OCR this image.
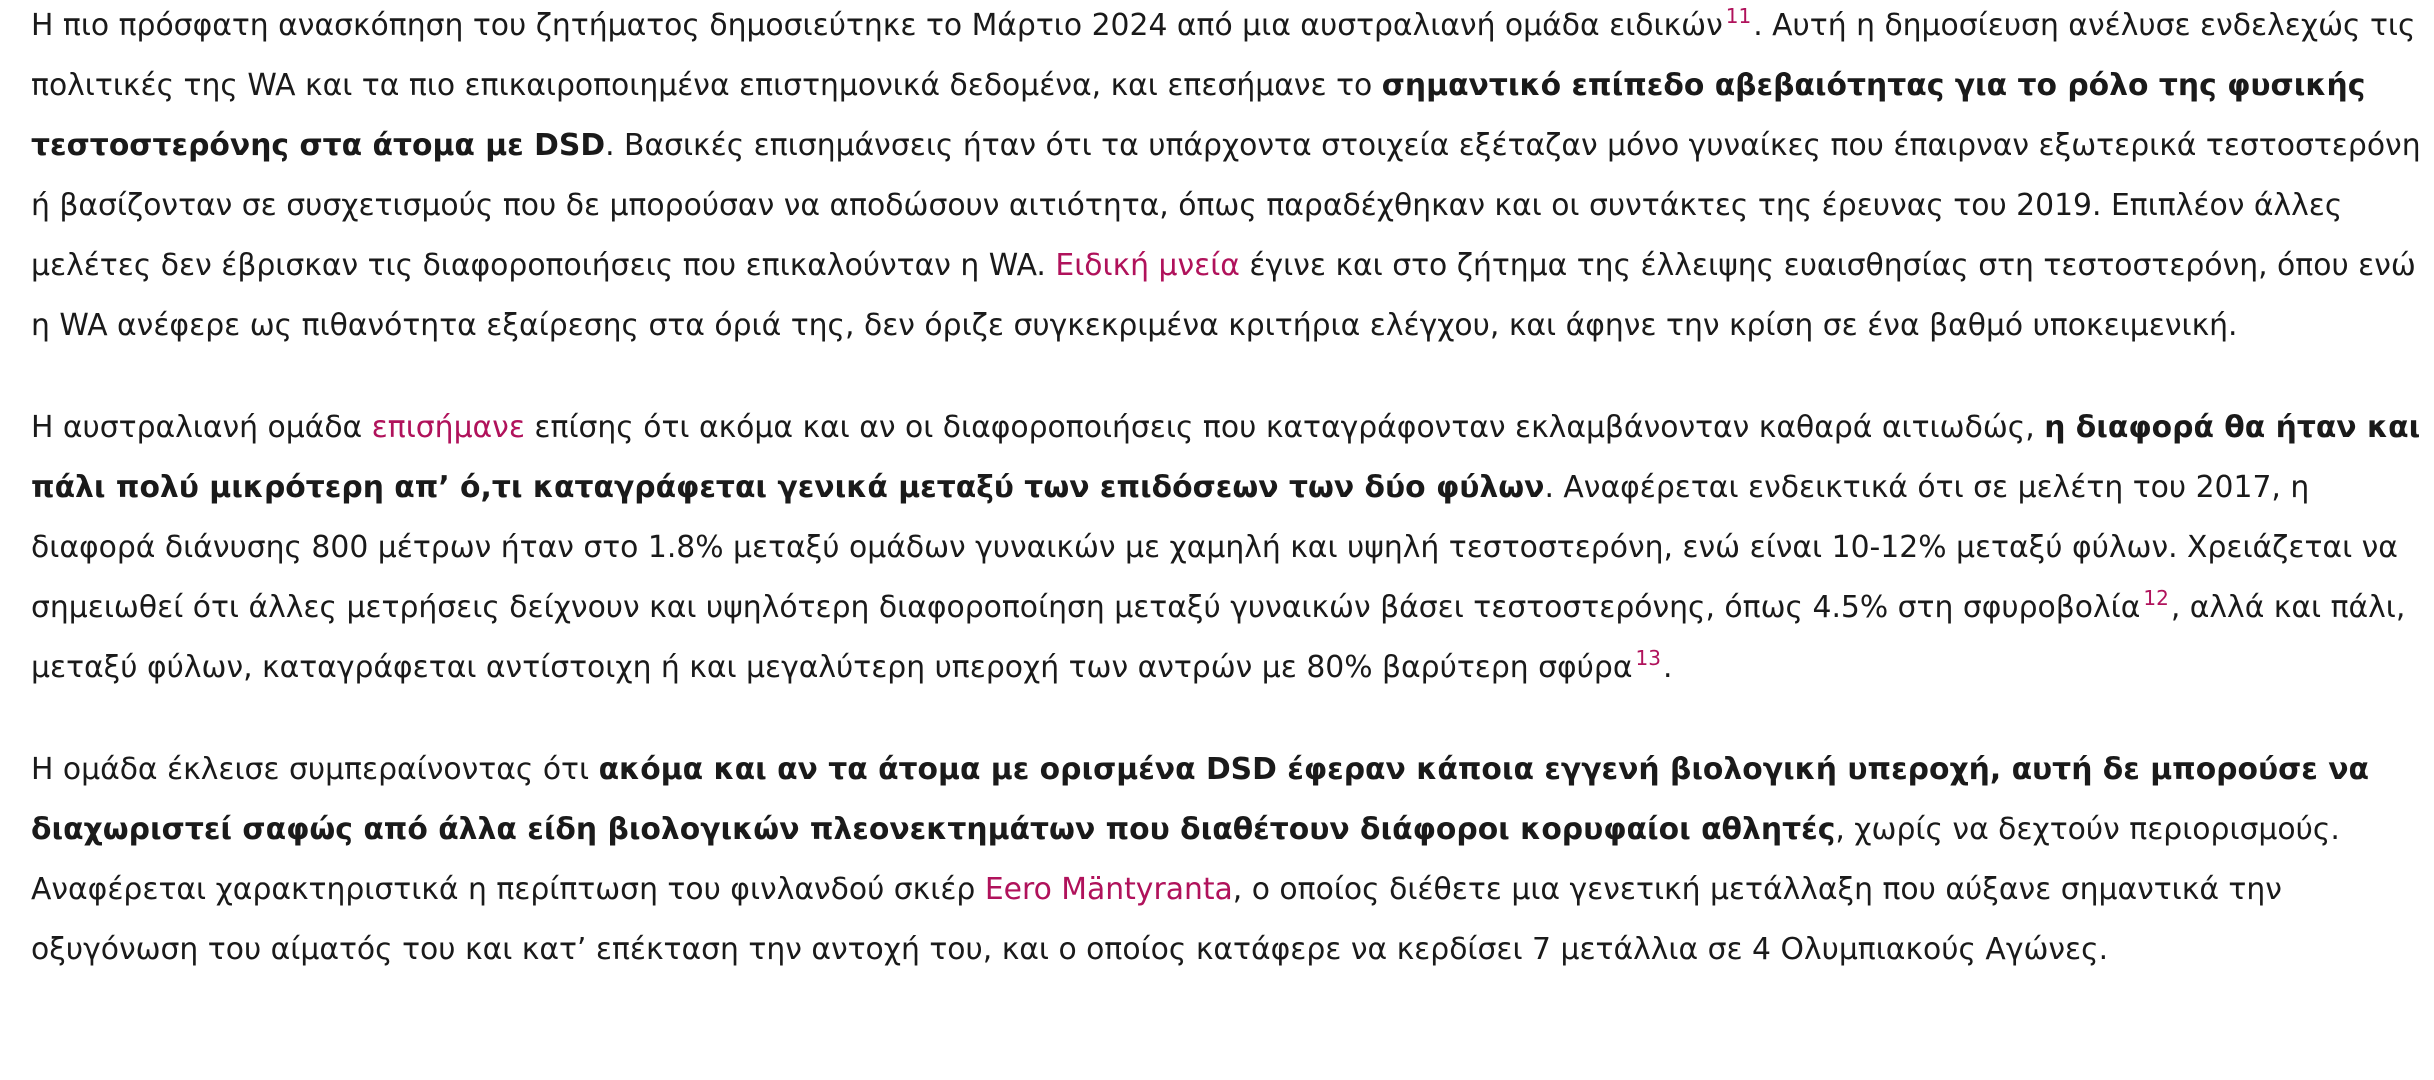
Η πιο πρόσφατη ανασκόπηση του ζητήματος δημοσιεύτηκε το Μάρτιο 2024 από μια αυστραλιανή ομάδα ειδικών $^{11}$. Αυτή η δημοσίευση ανέλυσε ενδελεχώς τις πολιτικές της WA και τα πιο επικαιροποιημένα επιστημονικά δεδομένα, και επεσήμανε το σημαντικό επίπεδο αβεβαιότητας για το ρόλο της φυσικής τεστοστερόνης στα άτομα με DSD. Βασικές επισημάνσεις ήταν ότι τα υπάρχοντα στοιχεία εξέταζαν μόνο γυναίκες που έπαιρναν εξωτερικά τεστοστερόνη ή βασίζονταν σε συσχετισμούς που δε μπορούσαν να αποδώσουν αιτιότητα, όπως παραδέχθηκαν και οι συντάκτες της έρευνας του 2019. Επιπλέον άλλες μελέτες δεν έβρισκαν τις διαφοροποιήσεις που επικαλούνταν η WA. Ειδική μνεία έγινε και στο ζήτημα της έλλειψης ευαισθησίας στη τεστοστερόνη, όπου ενώ η WA ανέφερε ως πιθανότητα εξαίρεσης στα όριά της, δεν όριζε συγκεκριμένα κριτήρια ελέγχου, και άφηνε την κρίση σε ένα βαθμό υποκειμενική.

Η αυστραλιανή ομάδα επισήμανε επίσης ότι ακόμα και αν οι διαφοροποιήσεις που καταγράφονταν εκλαμβάνονταν καθαρά αιτιωδώς, η διαφορά θα ήταν και πάλι πολύ μικρότερη απ’ ό,τι καταγράφεται γενικά μεταξύ των επιδόσεων των δύο φύλων. Αναφέρεται ενδεικτικά ότι σε μελέτη του 2017, η διαφορά διάνυσης 800 μέτρων ήταν στο 1.8% μεταξύ ομάδων γυναικών με χαμηλή και υψηλή τεστοστερόνη, ενώ είναι 10-12% μεταξύ φύλων. Χρειάζεται να σημειωθεί ότι άλλες μετρήσεις δείχνουν και υψηλότερη διαφοροποίηση μεταξύ γυναικών βάσει τεστοστερόνης, όπως 4.5% στη σφυροβολία $^{12}$, αλλά και πάλι, μεταξύ φύλων, καταγράφεται αντίστοιχη ή και μεγαλύτερη υπεροχή των αντρών με 80% βαρύτερη σφύρα $^{13}$.

Η ομάδα έκλεισε συμπεραίνοντας ότι ακόμα και αν τα άτομα με ορισμένα DSD έφεραν κάποια εγγενή βιολογική υπεροχή, αυτή δε μπορούσε να διαχωριστεί σαφώς από άλλα είδη βιολογικών πλεονεκτημάτων που διαθέτουν διάφοροι κορυφαίοι αθλητές, χωρίς να δεχτούν περιορισμούς. Αναφέρεται χαρακτηριστικά η περίπτωση του φινλανδού σκιέρ Eero Mäntyranta, ο οποίος διέθετε μια γενετική μετάλλαξη που αύξανε σημαντικά την οξυγόνωση του αίματός του και κατ’ επέκταση την αντοχή του, και ο οποίος κατάφερε να κερδίσει 7 μετάλλια σε 4 Ολυμπιακούς Αγώνες.
